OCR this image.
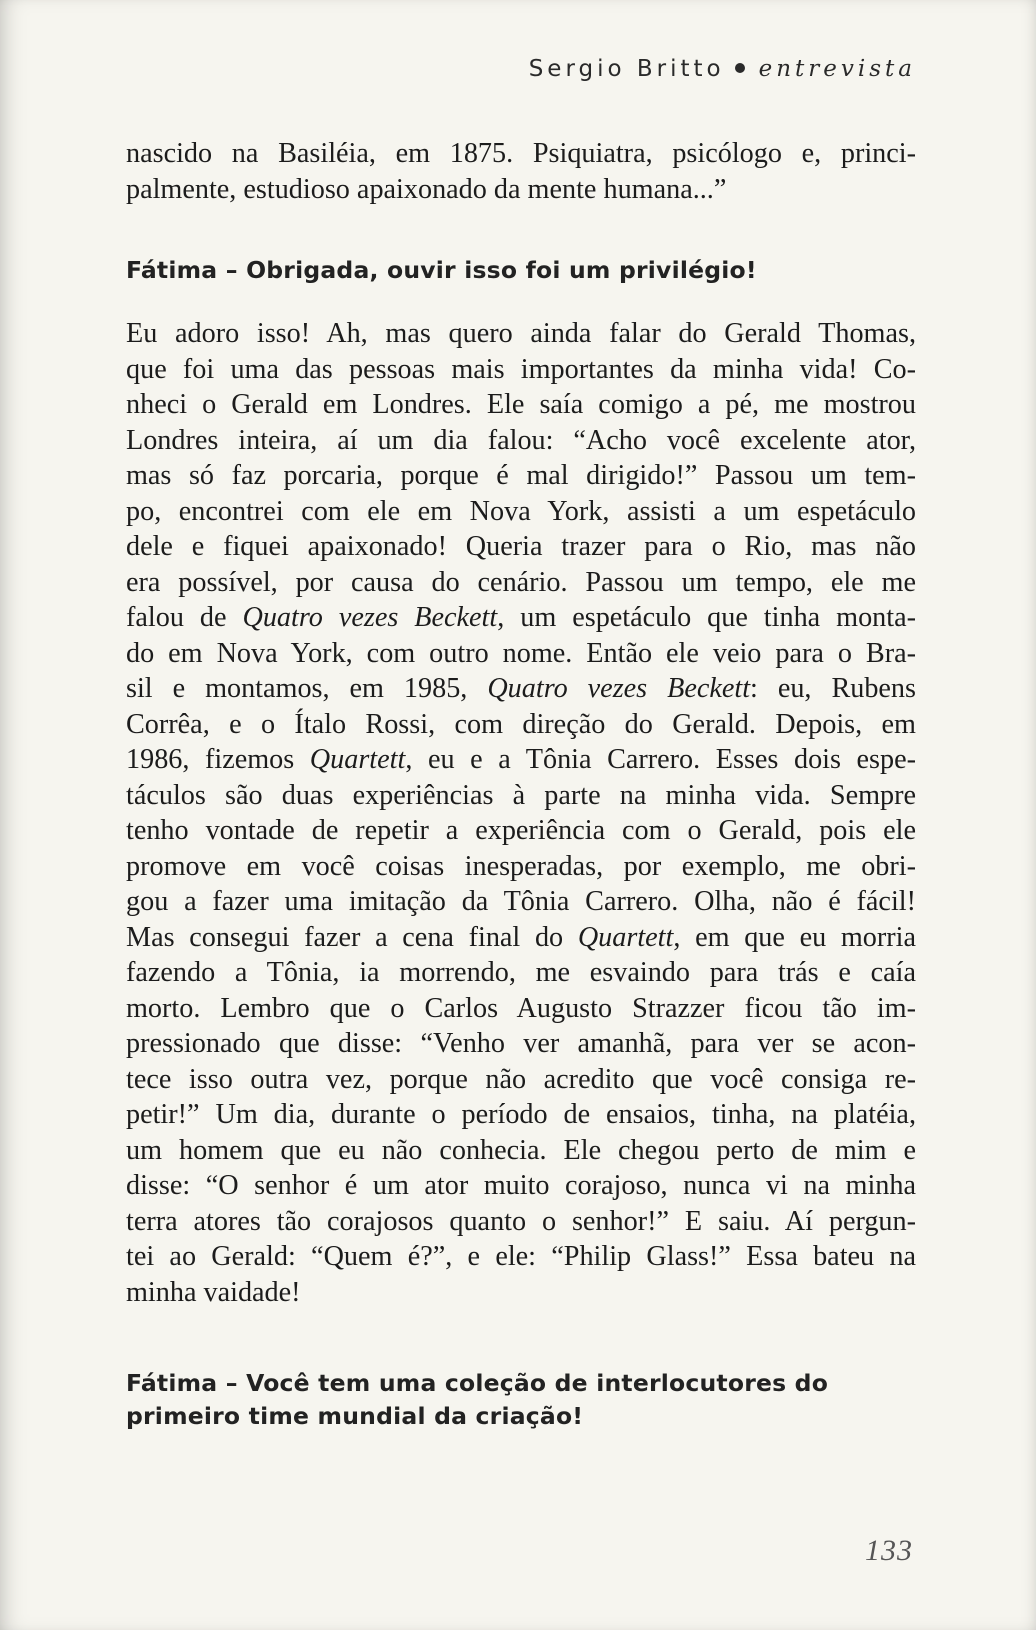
Sergio Britto entrevista
nascido na Basiléia, em 1875. Psiquiatra, psicólogo e, princi-
palmente, estudioso apaixonado da mente humana...”

Fátima – Obrigada, ouvir isso foi um privilégio!

Eu adoro isso! Ah, mas quero ainda falar do Gerald Thomas,
que foi uma das pessoas mais importantes da minha vida! Co-
nheci o Gerald em Londres. Ele saía comigo a pé, me mostrou
Londres inteira, aí um dia falou: “Acho você excelente ator,
mas só faz porcaria, porque é mal dirigido!” Passou um tem-
po, encontrei com ele em Nova York, assisti a um espetáculo
dele e fiquei apaixonado! Queria trazer para o Rio, mas não
era possível, por causa do cenário. Passou um tempo, ele me
falou de Quatro vezes Beckett, um espetáculo que tinha monta-
do em Nova York, com outro nome. Então ele veio para o Bra-
sil e montamos, em 1985, Quatro vezes Beckett: eu, Rubens
Corrêa, e o Ítalo Rossi, com direção do Gerald. Depois, em
1986, fizemos Quartett, eu e a Tônia Carrero. Esses dois espe-
táculos são duas experiências à parte na minha vida. Sempre
tenho vontade de repetir a experiência com o Gerald, pois ele
promove em você coisas inesperadas, por exemplo, me obri-
gou a fazer uma imitação da Tônia Carrero. Olha, não é fácil!
Mas consegui fazer a cena final do Quartett, em que eu morria
fazendo a Tônia, ia morrendo, me esvaindo para trás e caía
morto. Lembro que o Carlos Augusto Strazzer ficou tão im-
pressionado que disse: “Venho ver amanhã, para ver se acon-
tece isso outra vez, porque não acredito que você consiga re-
petir!” Um dia, durante o período de ensaios, tinha, na platéia,
um homem que eu não conhecia. Ele chegou perto de mim e
disse: “O senhor é um ator muito corajoso, nunca vi na minha
terra atores tão corajosos quanto o senhor!” E saiu. Aí pergun-
tei ao Gerald: “Quem é?”, e ele: “Philip Glass!” Essa bateu na
minha vaidade!

Fátima – Você tem uma coleção de interlocutores do
primeiro time mundial da criação!

133
